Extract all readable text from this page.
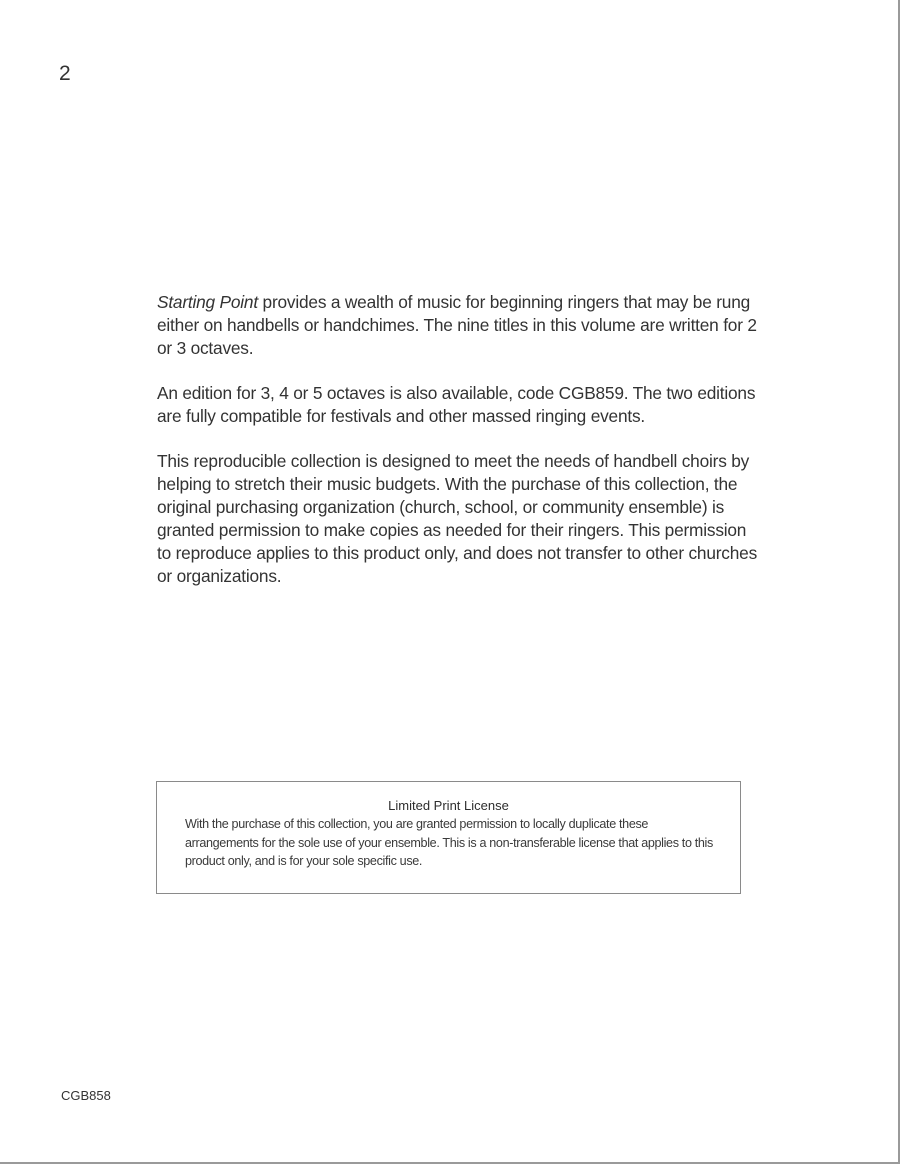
2

Starting Point provides a wealth of music for beginning ringers that may be rung either on handbells or handchimes. The nine titles in this volume are written for 2 or 3 octaves.

An edition for 3, 4 or 5 octaves is also available, code CGB859. The two editions are fully compatible for festivals and other massed ringing events.

This reproducible collection is designed to meet the needs of handbell choirs by helping to stretch their music budgets. With the purchase of this collection, the original purchasing organization (church, school, or community ensemble) is granted permission to make copies as needed for their ringers. This permission to reproduce applies to this product only, and does not transfer to other churches or organizations.

Limited Print License

With the purchase of this collection, you are granted permission to locally duplicate these arrangements for the sole use of your ensemble. This is a non-transferable license that applies to this product only, and is for your sole specific use.

CGB858
